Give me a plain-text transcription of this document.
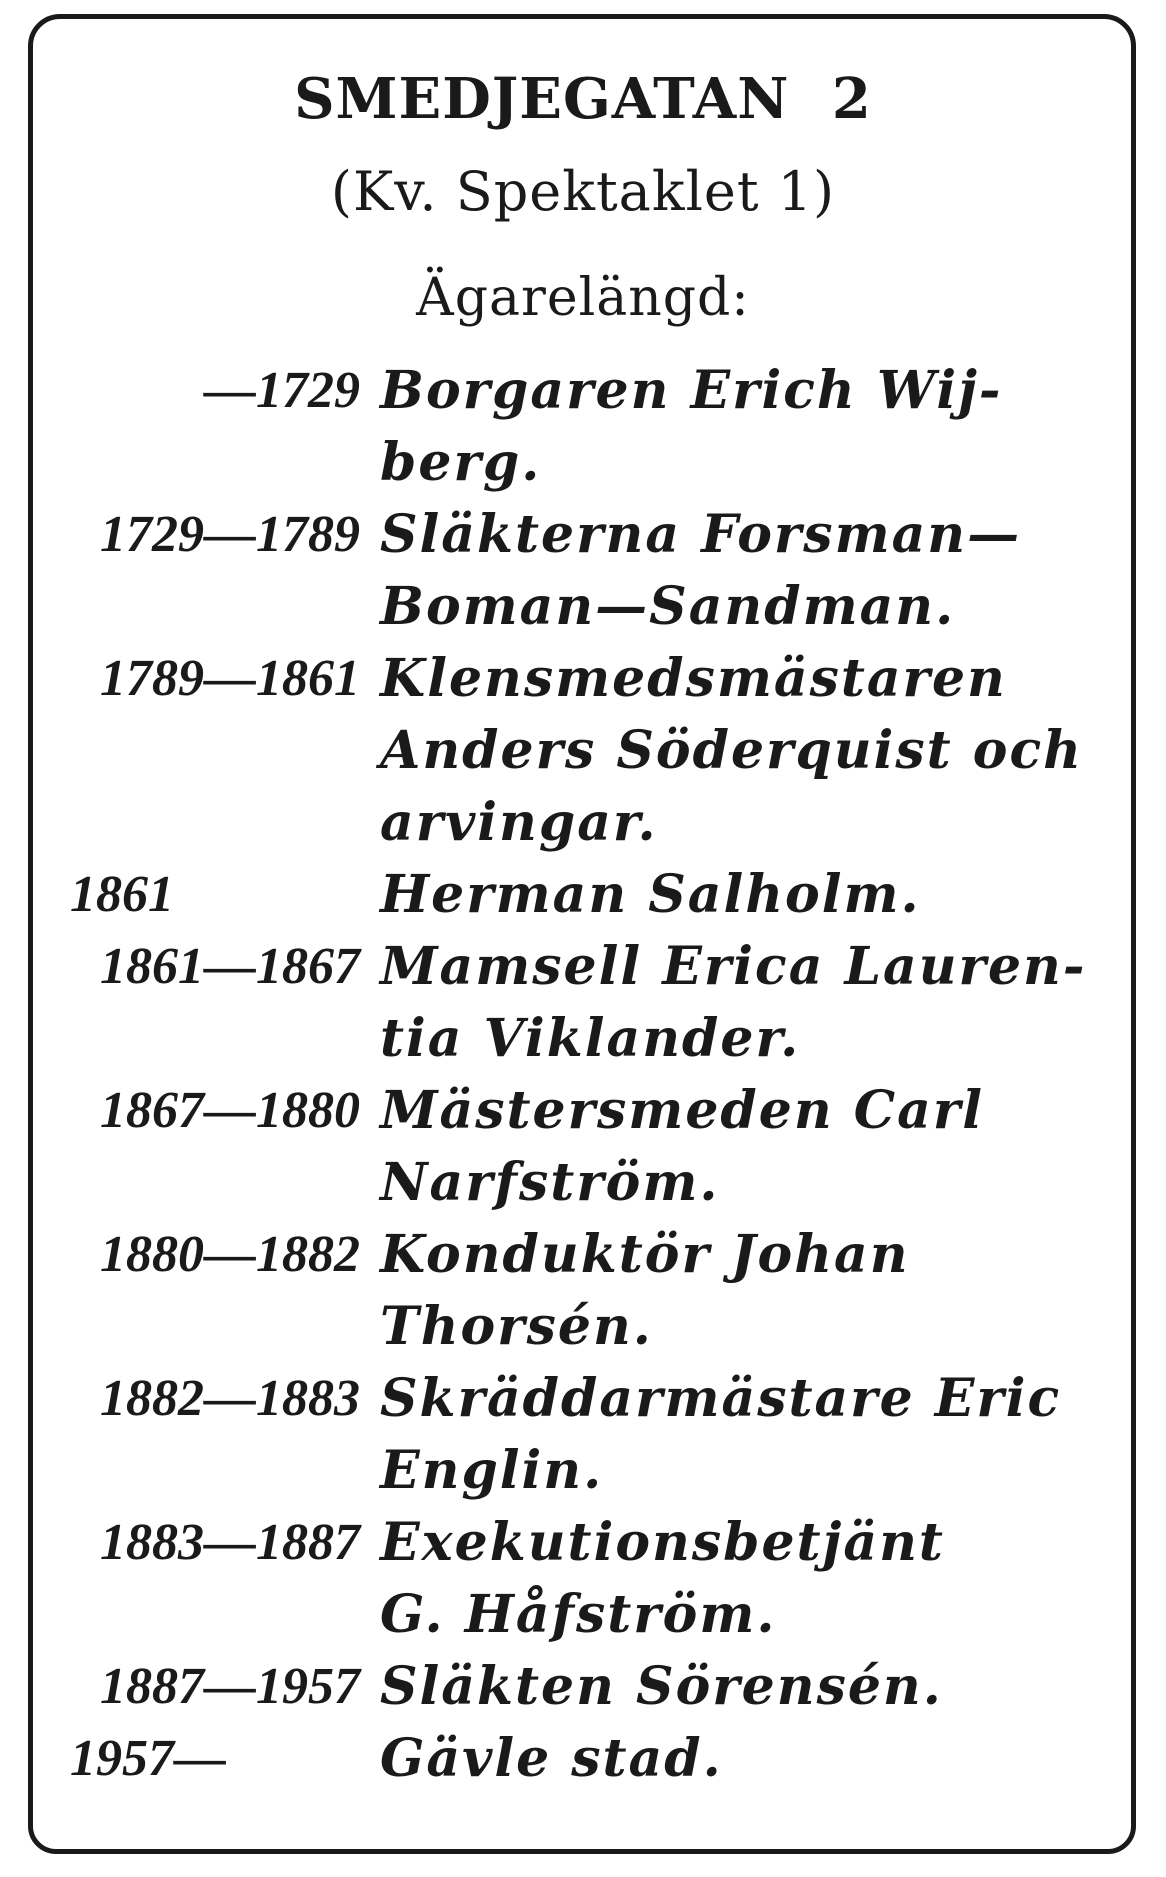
SMEDJEGATAN 2
(Kv. Spektaklet 1)
Ägarelängd:
—1729 Borgaren Erich Wij-
berg.
1729—1789 Släkterna Forsman—
Boman—Sandman.
1789—1861 Klensmedsmästaren
Anders Söderquist och
arvingar.
1861	Herman Salholm.
1861—1867 Mamsell Erica Lauren-
tia Viklander.
1867—1880 Mästersmeden Carl
Narfström.
1880—1882 Konduktör Johan
Thorsén.
1882—1883 Skräddarmästare Eric
Englin.
1883—1887 Exekutionsbetjänt
G. Håfström.
1887—1957 Släkten Sörensén.
1957—	Gävle stad.
